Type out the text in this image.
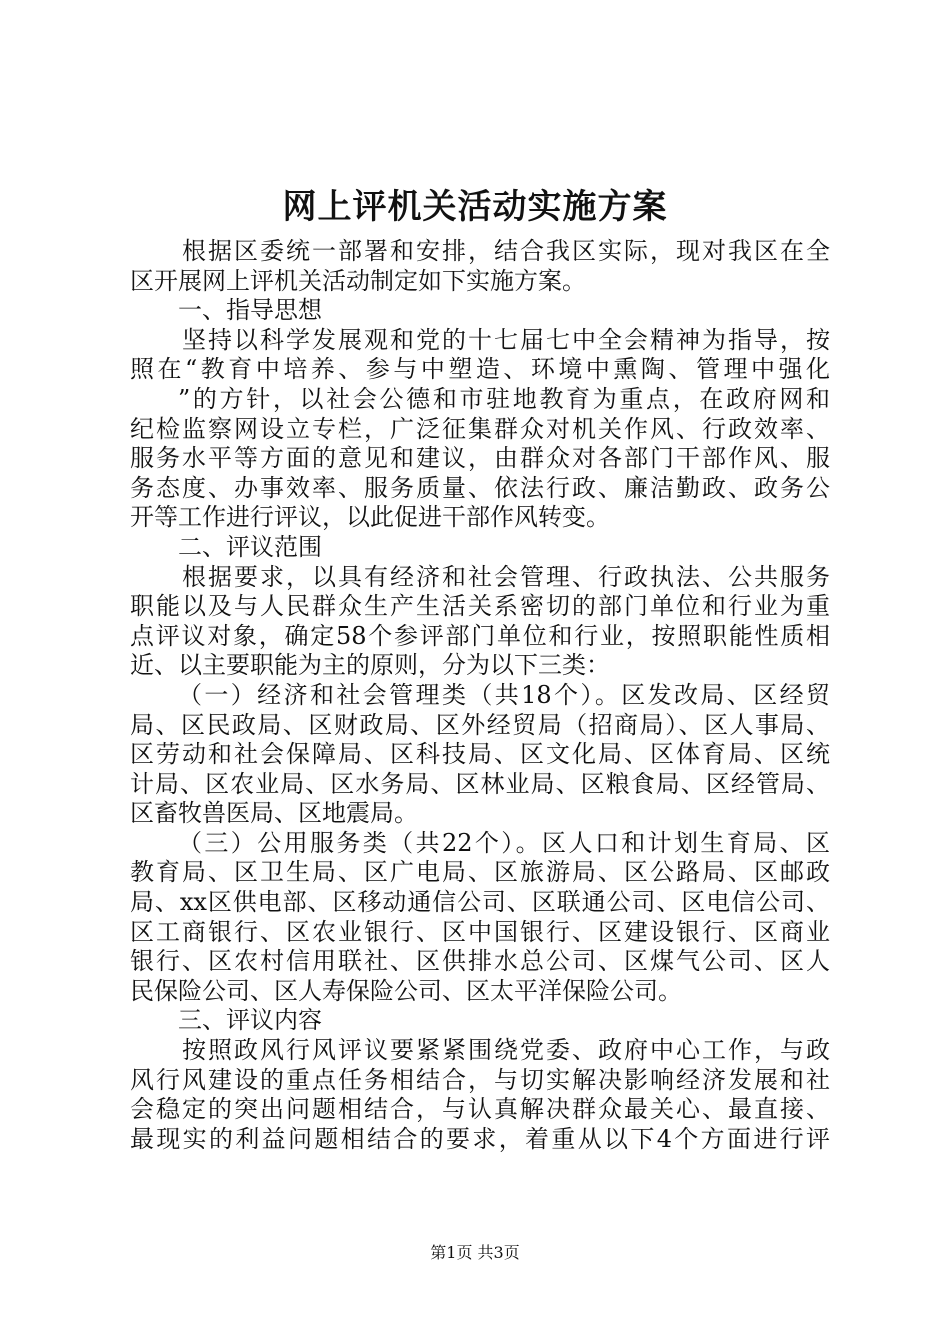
网上评机关活动实施方案
根据区委统一部署和安排，结合我区实际，现对我区在全
区开展网上评机关活动制定如下实施方案。
一、指导思想
坚持以科学发展观和党的十七届七中全会精神为指导，按
照在“教育中培养、参与中塑造、环境中熏陶、管理中强化
”的方针，以社会公德和市驻地教育为重点，在政府网和
纪检监察网设立专栏，广泛征集群众对机关作风、行政效率、
服务水平等方面的意见和建议，由群众对各部门干部作风、服
务态度、办事效率、服务质量、依法行政、廉洁勤政、政务公
开等工作进行评议，以此促进干部作风转变。
二、评议范围
根据要求，以具有经济和社会管理、行政执法、公共服务
职能以及与人民群众生产生活关系密切的部门单位和行业为重
点评议对象，确定58个参评部门单位和行业，按照职能性质相
近、以主要职能为主的原则，分为以下三类：
（一）经济和社会管理类（共18个）。区发改局、区经贸
局、区民政局、区财政局、区外经贸局（招商局）、区人事局、
区劳动和社会保障局、区科技局、区文化局、区体育局、区统
计局、区农业局、区水务局、区林业局、区粮食局、区经管局、
区畜牧兽医局、区地震局。
（三）公用服务类（共22个）。区人口和计划生育局、区
教育局、区卫生局、区广电局、区旅游局、区公路局、区邮政
局、xx区供电部、区移动通信公司、区联通公司、区电信公司、
区工商银行、区农业银行、区中国银行、区建设银行、区商业
银行、区农村信用联社、区供排水总公司、区煤气公司、区人
民保险公司、区人寿保险公司、区太平洋保险公司。
三、评议内容
按照政风行风评议要紧紧围绕党委、政府中心工作，与政
风行风建设的重点任务相结合，与切实解决影响经济发展和社
会稳定的突出问题相结合，与认真解决群众最关心、最直接、
最现实的利益问题相结合的要求，着重从以下4个方面进行评
第1页 共3页
